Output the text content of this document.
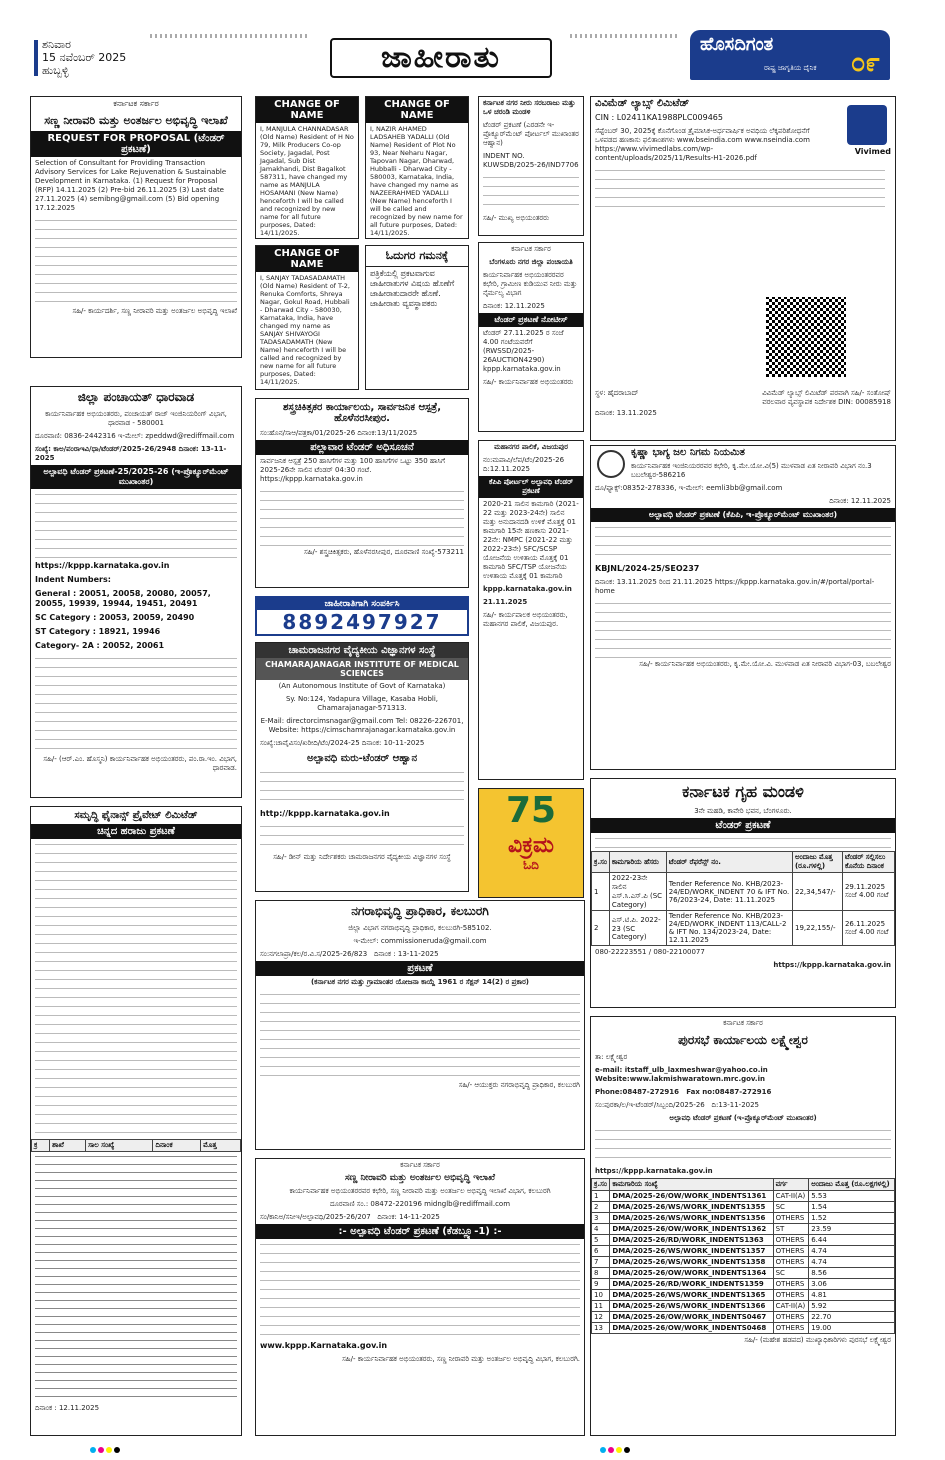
ಶನಿವಾರ
15 ನವೆಂಬರ್ 2025
ಹುಬ್ಬಳ್ಳಿ	ಜಾಹೀರಾತು	ಹೊಸದಿಗಂತ
೦೯
ರಾಷ್ಟ್ರ ಜಾಗೃತಿಯ ದೈನಿಕ
ಕರ್ನಾಟಕ ಸರ್ಕಾರ
ಸಣ್ಣ ನೀರಾವರಿ ಮತ್ತು ಅಂತರ್ಜಲ ಅಭಿವೃದ್ಧಿ ಇಲಾಖೆ
REQUEST FOR PROPOSAL (ಟೆಂಡರ್ ಪ್ರಕಟಣೆ)
Selection of Consultant for Providing Transaction Advisory Services for Lake Rejuvenation & Sustainable Development in Karnataka. (1) Request for Proposal (RFP) 14.11.2025 (2) Pre-bid 26.11.2025 (3) Last date 27.11.2025 (4) semibng@gmail.com (5) Bid opening 17.12.2025
ಸಹಿ/- ಕಾರ್ಯದರ್ಶಿ, ಸಣ್ಣ ನೀರಾವರಿ ಮತ್ತು ಅಂತರ್ಜಲ ಅಭಿವೃದ್ಧಿ ಇಲಾಖೆ
ಜಿಲ್ಲಾ ಪಂಚಾಯತ್ ಧಾರವಾಡ
ಕಾರ್ಯನಿರ್ವಾಹಕ ಅಭಿಯಂತರರು, ಪಂಚಾಯತ್ ರಾಜ್ ಇಂಜಿನಿಯರಿಂಗ್ ವಿಭಾಗ, ಧಾರವಾಡ - 580001
ದೂರವಾಣಿ: 0836-2442316 ಇ-ಮೇಲ್: zpeddwd@rediffmail.com
ಸಂಖ್ಯೆ: ಕಾಅ/ಪಂರಾಇವಿ/ಧಾ/ಟೆಂಡರ್/2025-26/2948 ದಿನಾಂಕ: 13-11-2025
ಅಲ್ಪಾವಧಿ ಟೆಂಡರ್ ಪ್ರಕಟಣೆ-25/2025-26 (ಇ-ಪ್ರೊಕ್ಯೂರ್‌ಮೆಂಟ್ ಮುಖಾಂತರ)
https://kppp.karnataka.gov.in
Indent Numbers:
General : 20051, 20058, 20080, 20057, 20055, 19939, 19944, 19451, 20491
SC Category : 20053, 20059, 20490
ST Category : 18921, 19946
Category- 2A : 20052, 20061
ಸಹಿ/- (ಆರ್.ಎಂ. ಹೊಸ್ಮನಿ) ಕಾರ್ಯನಿರ್ವಾಹಕ ಅಭಿಯಂತರರು, ಪಂ.ರಾ.ಇಂ. ವಿಭಾಗ, ಧಾರವಾಡ.
ಸಮೃದ್ಧಿ ಫೈನಾನ್ಸ್ ಪ್ರೈವೇಟ್ ಲಿಮಿಟೆಡ್
ಚಿನ್ನದ ಹರಾಜು ಪ್ರಕಟಣೆ
ಕ್ರ	ಶಾಖೆ	ಸಾಲ ಸಂಖ್ಯೆ	ದಿನಾಂಕ	ಮೊತ್ತ
ದಿನಾಂಕ : 12.11.2025
CHANGE OF NAME
I, MANJULA CHANNADASAR (Old Name) Resident of H No 79, Milk Producers Co-op Society, Jagadal, Post Jagadal, Sub Dist Jamakhandi, Dist Bagalkot 587311, have changed my name as MANJULA HOSAMANI (New Name) henceforth I will be called and recognized by new name for all future purposes, Dated: 14/11/2025.
CHANGE OF NAME
I, NAZIR AHAMED LADSAHEB YADALLI (Old Name) Resident of Plot No 93, Near Neharu Nagar, Tapovan Nagar, Dharwad, Hubballi - Dharwad City - 580003, Karnataka, India, have changed my name as NAZEERAHMED YADALLI (New Name) henceforth I will be called and recognized by new name for all future purposes, Dated: 14/11/2025.
CHANGE OF NAME
I, SANJAY TADASADAMATH (Old Name) Resident of T-2, Renuka Comforts, Shreya Nagar, Gokul Road, Hubbali - Dharwad City - 580030, Karnataka, India, have changed my name as SANJAY SHIVAYOGI TADASADAMATH (New Name) henceforth I will be called and recognized by new name for all future purposes, Dated: 14/11/2025.
ಓದುಗರ ಗಮನಕ್ಕೆ
ಪತ್ರಿಕೆಯಲ್ಲಿ ಪ್ರಕಟವಾಗುವ ಜಾಹೀರಾತುಗಳ ವಿಷಯ ಹೊಣೆಗೆ ಜಾಹೀರಾತುದಾರರೇ ಹೊಣೆ. ಜಾಹೀರಾತು ವ್ಯವಸ್ಥಾಪಕರು
ಶಸ್ತ್ರಚಿಕಿತ್ಸಕರ ಕಾರ್ಯಾಲಯ, ಸಾರ್ವಜನಿಕ ಆಸ್ಪತ್ರೆ, ಹೊಳೆನರಸೀಪುರ.
ಸಂ:ಹೊನ/ಸಾಆ/ಪತ್ರಕಾ/01/2025-26 ದಿನಾಂಕ:13/11/2025
ಪಲ್ಲಾವಾರ ಟೆಂಡರ್ ಅಧಿಸೂಚನೆ
ಸಾರ್ವಜನಿಕ ಆಸ್ಪತ್ರೆ 250 ಹಾಸಿಗೆಗಳ ಮತ್ತು 100 ಹಾಸಿಗೆಗಳ ಒಟ್ಟು 350 ಹಾಸಿಗೆ 2025-26ನೇ ಸಾಲಿನ ಟೆಂಡರ್ 04:30 ಗಂಟೆ. https://kppp.karnataka.gov.in
ಸಹಿ/- ಶಸ್ತ್ರಚಿಕಿತ್ಸಕರು, ಹೊಳೆನರಸೀಪುರ, ದೂರವಾಣಿ ಸಂಖ್ಯೆ-573211
ಜಾಹೀರಾತಿಗಾಗಿ ಸಂಪರ್ಕಿಸಿ
8892497927
ಚಾಮರಾಜನಗರ ವೈದ್ಯಕೀಯ ವಿಜ್ಞಾನಗಳ ಸಂಸ್ಥೆ
CHAMARAJANAGAR INSTITUTE OF MEDICAL SCIENCES
(An Autonomous Institute of Govt of Karnataka)
Sy. No:124, Yadapura Village, Kasaba Hobli, Chamarajanagar-571313.
E-Mail: directorcimsnagar@gmail.com Tel: 08226-226701, Website: https://cimschamrajanagar.karnataka.gov.in
ಸಂಖ್ಯೆ:ಚಾವೈವಿಸಂ/ಖರೀದಿ/ಟೆಂ/2024-25 ದಿನಾಂಕ: 10-11-2025
ಅಲ್ಪಾವಧಿ ಮರು-ಟೆಂಡರ್ ಆಹ್ವಾನ
http://kppp.karnataka.gov.in
ಸಹಿ/- ಡೀನ್ ಮತ್ತು ನಿರ್ದೇಶಕರು ಚಾಮರಾಜನಗರ ವೈದ್ಯಕೀಯ ವಿಜ್ಞಾನಗಳ ಸಂಸ್ಥೆ
ಕರ್ನಾಟಕ ನಗರ ನೀರು ಸರಬರಾಜು ಮತ್ತು ಒಳ ಚರಂಡಿ ಮಂಡಳಿ
ಟೆಂಡರ್ ಪ್ರಕಟಣೆ (ಎರಡನೇ ಇ-ಪ್ರೊಕ್ಯೂರ್‌ಮೆಂಟ್ ಪೋರ್ಟಲ್ ಮುಖಾಂತರ ಆಹ್ವಾನ)
INDENT NO. KUWSDB/2025-26/IND7706
ಸಹಿ/- ಮುಖ್ಯ ಅಭಿಯಂತರರು
ಕರ್ನಾಟಕ ಸರ್ಕಾರ
ಬೆಂಗಳೂರು ನಗರ ಜಿಲ್ಲಾ ಪಂಚಾಯತಿ
ಕಾರ್ಯನಿರ್ವಾಹಕ ಅಭಿಯಂತರರವರ ಕಛೇರಿ, ಗ್ರಾಮೀಣ ಕುಡಿಯುವ ನೀರು ಮತ್ತು ನೈರ್ಮಲ್ಯ ವಿಭಾಗ
ದಿನಾಂಕ: 12.11.2025
ಟೆಂಡರ್ ಪ್ರಕಟಣೆ ನೋಟೀಸ್
ಟೆಂಡರ್ 27.11.2025 ರ ಸಂಜೆ 4.00 ಗಂಟೆಯವರೆಗೆ (RWSSD/2025-26AUCTION4290) kppp.karnataka.gov.in
ಸಹಿ/- ಕಾರ್ಯನಿರ್ವಾಹಕ ಅಭಿಯಂತರರು
ಮಹಾನಗರ ಪಾಲಿಕೆ, ವಿಜಯಪುರ
ನಂ:ಮಪಾವಿ/ಲೆಪ/ಟೆಂ/2025-26 ದಿ:12.11.2025
ಕೆಪಿಪಿ ಪೋರ್ಟಲ್ ಅಲ್ಪಾವಧಿ ಟೆಂಡರ್ ಪ್ರಕಟಣೆ
2020-21 ಸಾಲಿನ ಕಾಮಗಾರಿ (2021-22 ಮತ್ತು 2023-24ನೇ) ಸಾಲಿನ ಮತ್ತು ಅನುದಾನದಡಿ ಉಳಿಕೆ ಮೊತ್ತಕ್ಕೆ 01 ಕಾಮಗಾರಿ 15ನೇ ಹಣಕಾಸು 2021-22ನೇ: NMPC (2021-22 ಮತ್ತು 2022-23ನೇ) SFC/SCSP ಯೋಜನೆಯ ಉಳಿತಾಯ ಮೊತ್ತಕ್ಕೆ 01 ಕಾಮಗಾರಿ SFC/TSP ಯೋಜನೆಯ ಉಳಿತಾಯ ಮೊತ್ತಕ್ಕೆ 01 ಕಾಮಗಾರಿ
kppp.karnataka.gov.in
21.11.2025
ಸಹಿ/- ಕಾರ್ಯಪಾಲಕ ಅಭಿಯಂತರರು, ಮಹಾನಗರ ಪಾಲಿಕೆ, ವಿಜಯಪುರ.
75
ವಿಕ್ರಮ
ಓದಿ
ವಿವಿಮೆಡ್ ಲ್ಯಾಬ್ಸ್ ಲಿಮಿಟೆಡ್
CIN : L02411KA1988PLC009465
Vivimed
ಸೆಪ್ಟೆಂಬರ್ 30, 2025ಕ್ಕೆ ಕೊನೆಗೊಂಡ ತ್ರೈಮಾಸಿಕ-ಅರ್ಧವಾರ್ಷಿಕ ಅವಧಿಯ ಲೆಕ್ಕಪರಿಶೋಧನೆಗೆ ಒಳಪಡದ ಹಣಕಾಸು ಫಲಿತಾಂಶಗಳು www.bseindia.com www.nseindia.com https://www.vivimedlabs.com/wp-content/uploads/2025/11/Results-H1-2026.pdf
ಸ್ಥಳ: ಹೈದರಾಬಾದ್
ದಿನಾಂಕ: 13.11.2025
ವಿವಿಮೆಡ್ ಲ್ಯಾಬ್ಸ್ ಲಿಮಿಟೆಡ್ ಪರವಾಗಿ ಸಹಿ/- ಸಂತೋಷ್ ವರಲವಾರ ವ್ಯವಸ್ಥಾಪಕ ನಿರ್ದೇಶಕ DIN: 00085918
ಕೃಷ್ಣಾ ಭಾಗ್ಯ ಜಲ ನಿಗಮ ನಿಯಮಿತ
ಕಾರ್ಯನಿರ್ವಾಹಕ ಇಂಜಿನಿಯರರವರ ಕಛೇರಿ, ಕೃ.ಮೇ.ಯೋ.ವಿ(5) ಮುಳವಾಡ ಏತ ನೀರಾವರಿ ವಿಭಾಗ ನಂ.3 ಬಬಲೇಶ್ವರ-586216
ದೂ/ಫ್ಯಾಕ್ಸ್:08352-278336, ಇ-ಮೇಲ್: eemli3bb@gmail.com
ದಿನಾಂಕ: 12.11.2025
ಅಲ್ಪಾವಧಿ ಟೆಂಡರ್ ಪ್ರಕಟಣೆ (ಕೆಪಿಪಿ, ಇ-ಪ್ರೊಕ್ಯೂರ್‌ಮೆಂಟ್ ಮುಖಾಂತರ)
KBJNL/2024-25/SEO237
ದಿನಾಂಕ: 13.11.2025 ರಿಂದ 21.11.2025 https://kppp.karnataka.gov.in/#/portal/portal-home
ಸಹಿ/- ಕಾರ್ಯನಿರ್ವಾಹಕ ಅಭಿಯಂತರರು, ಕೃ.ಮೇ.ಯೋ.ವಿ. ಮುಳವಾಡ ಏತ ನೀರಾವರಿ ವಿಭಾಗ-03, ಬಬಲೇಶ್ವರ
ಕರ್ನಾಟಕ ಗೃಹ ಮಂಡಳಿ
3ನೇ ಮಹಡಿ, ಕಾವೇರಿ ಭವನ, ಬೆಂಗಳೂರು.
ಟೆಂಡರ್ ಪ್ರಕಟಣೆ
ಕ್ರ.ಸಂ	ಕಾಮಗಾರಿಯ ಹೆಸರು	ಟೆಂಡರ್ ರೆಫರೆನ್ಸ್ ನಂ.	ಅಂದಾಜು ಮೊತ್ತ (ರೂ.ಗಳಲ್ಲಿ)	ಟೆಂಡರ್ ಸಲ್ಲಿಸಲು ಕೊನೆಯ ದಿನಾಂಕ
1	2022-23ನೇ ಸಾಲಿನ ಎಸ್.ಸಿ.ಎಸ್.ಪಿ (SC Category)	Tender Reference No. KHB/2023-24/ED/WORK_INDENT 70 & IFT No. 76/2023-24, Date: 11.11.2025	22,34,547/-	29.11.2025 ಸಂಜೆ 4.00 ಗಂಟೆ
2	ಎಸ್.ಟಿ.ಪಿ. 2022-23 (SC Category)	Tender Reference No. KHB/2023-24/ED/WORK_INDENT 113/CALL-2 & IFT No. 134/2023-24, Date: 12.11.2025	19,22,155/-	26.11.2025 ಸಂಜೆ 4.00 ಗಂಟೆ
080-22223551 / 080-22100077
https://kppp.karnataka.gov.in
ಕರ್ನಾಟಕ ಸರ್ಕಾರ
ಪುರಸಭೆ ಕಾರ್ಯಾಲಯ ಲಕ್ಷ್ಮೇಶ್ವರ
ತಾ: ಲಕ್ಷ್ಮೇಶ್ವರ
e-mail: itstaff_ulb_laxmeshwar@yahoo.co.in   Website:www.lakmishwaratown.mrc.gov.in
Phone:08487-272916 Fax no:08487-272916
ಸಂ:ಪುರಕಾ/ಲ/ಇ-ಟೆಂಡರ್/ಸಿಬ್ಬಂದಿ/2025-26 ದಿ:13-11-2025
ಅಲ್ಪಾವಧಿ ಟೆಂಡರ್ ಪ್ರಕಟಣೆ (ಇ-ಪ್ರೊಕ್ಯೂರ್‌ಮೆಂಟ್ ಮುಖಾಂತರ)
https://kppp.karnataka.gov.in
ಕ್ರ.ಸಂ	ಕಾಮಗಾರಿಯ ಸಂಖ್ಯೆ	ವರ್ಗ	ಅಂದಾಜು ಮೊತ್ತ (ರೂ.ಲಕ್ಷಗಳಲ್ಲಿ)
1	DMA/2025-26/OW/WORK_INDENTS1361	CAT-II(A)	5.53
2	DMA/2025-26/WS/WORK_INDENTS1355	SC	1.54
3	DMA/2025-26/WS/WORK_INDENTS1356	OTHERS	1.52
4	DMA/2025-26/OW/WORK_INDENTS1362	ST	23.59
5	DMA/2025-26/RD/WORK_INDENTS1363	OTHERS	6.44
6	DMA/2025-26/WS/WORK_INDENTS1357	OTHERS	4.74
7	DMA/2025-26/WS/WORK_INDENTS1358	OTHERS	4.74
8	DMA/2025-26/OW/WORK_INDENTS1364	SC	8.56
9	DMA/2025-26/RD/WORK_INDENTS1359	OTHERS	3.06
10	DMA/2025-26/WS/WORK_INDENTS1365	OTHERS	4.81
11	DMA/2025-26/WS/WORK_INDENTS1366	CAT-II(A)	5.92
12	DMA/2025-26/OW/WORK_INDENTS0467	OTHERS	22.70
13	DMA/2025-26/OW/WORK_INDENTS0468	OTHERS	19.00
ಸಹಿ/- (ಮಹೇಶ ಹಡಪದ) ಮುಖ್ಯಾಧಿಕಾರಿಗಳು ಪುರಸಭೆ ಲಕ್ಷ್ಮೇಶ್ವರ
ನಗರಾಭಿವೃದ್ಧಿ ಪ್ರಾಧಿಕಾರ, ಕಲಬುರಗಿ
ಜಿಲ್ಲಾ ವಿಭಾಗ ನಗರಾಭಿವೃದ್ಧಿ ಪ್ರಾಧಿಕಾರ, ಕಲಬುರಗಿ-585102.
ಇ-ಮೇಲ್: commissioneruda@gmail.com
ಸಂ:ನಗಲಾಪ್ರಾ/ಕಲ/ರ.ವಿ.ಸ/2025-26/823 ದಿನಾಂಕ : 13-11-2025
ಪ್ರಕಟಣೆ
(ಕರ್ನಾಟಕ ನಗರ ಮತ್ತು ಗ್ರಾಮಾಂತರ ಯೋಜನಾ ಕಾಯ್ದೆ 1961 ರ ಸೆಕ್ಷನ್ 14(2) ರ ಪ್ರಕಾರ)
ಸಹಿ/- ಆಯುಕ್ತರು ನಗರಾಭಿವೃದ್ಧಿ ಪ್ರಾಧಿಕಾರ, ಕಲಬುರಗಿ
ಕರ್ನಾಟಕ ಸರ್ಕಾರ
ಸಣ್ಣ ನೀರಾವರಿ ಮತ್ತು ಅಂತರ್ಜಲ ಅಭಿವೃದ್ಧಿ ಇಲಾಖೆ
ಕಾರ್ಯನಿರ್ವಾಹಕ ಅಭಿಯಂತರರವರ ಕಛೇರಿ, ಸಣ್ಣ ನೀರಾವರಿ ಮತ್ತು ಅಂತರ್ಜಲ ಅಭಿವೃದ್ಧಿ ಇಲಾಖೆ ವಿಭಾಗ, ಕಲಬುರಗಿ
ದೂರವಾಣಿ ಸಂ.: 08472-220196 midnglb@rediffmail.com
ಸಂ/ಕಾನಿಅ/ಸನೀಇ/ಅಲ್ಪಾವಧಿ/2025-26/207 ದಿನಾಂಕ: 14-11-2025
:- ಅಲ್ಪಾವಧಿ ಟೆಂಡರ್ ಪ್ರಕಟಣೆ (ಕೆಡಬ್ಲ್ಯೂ-1) :-
www.kppp.Karnataka.gov.in
ಸಹಿ/- ಕಾರ್ಯನಿರ್ವಾಹಕ ಅಭಿಯಂತರರು, ಸಣ್ಣ ನೀರಾವರಿ ಮತ್ತು ಅಂತರ್ಜಲ ಅಭಿವೃದ್ಧಿ ವಿಭಾಗ, ಕಲಬುರಗಿ.
